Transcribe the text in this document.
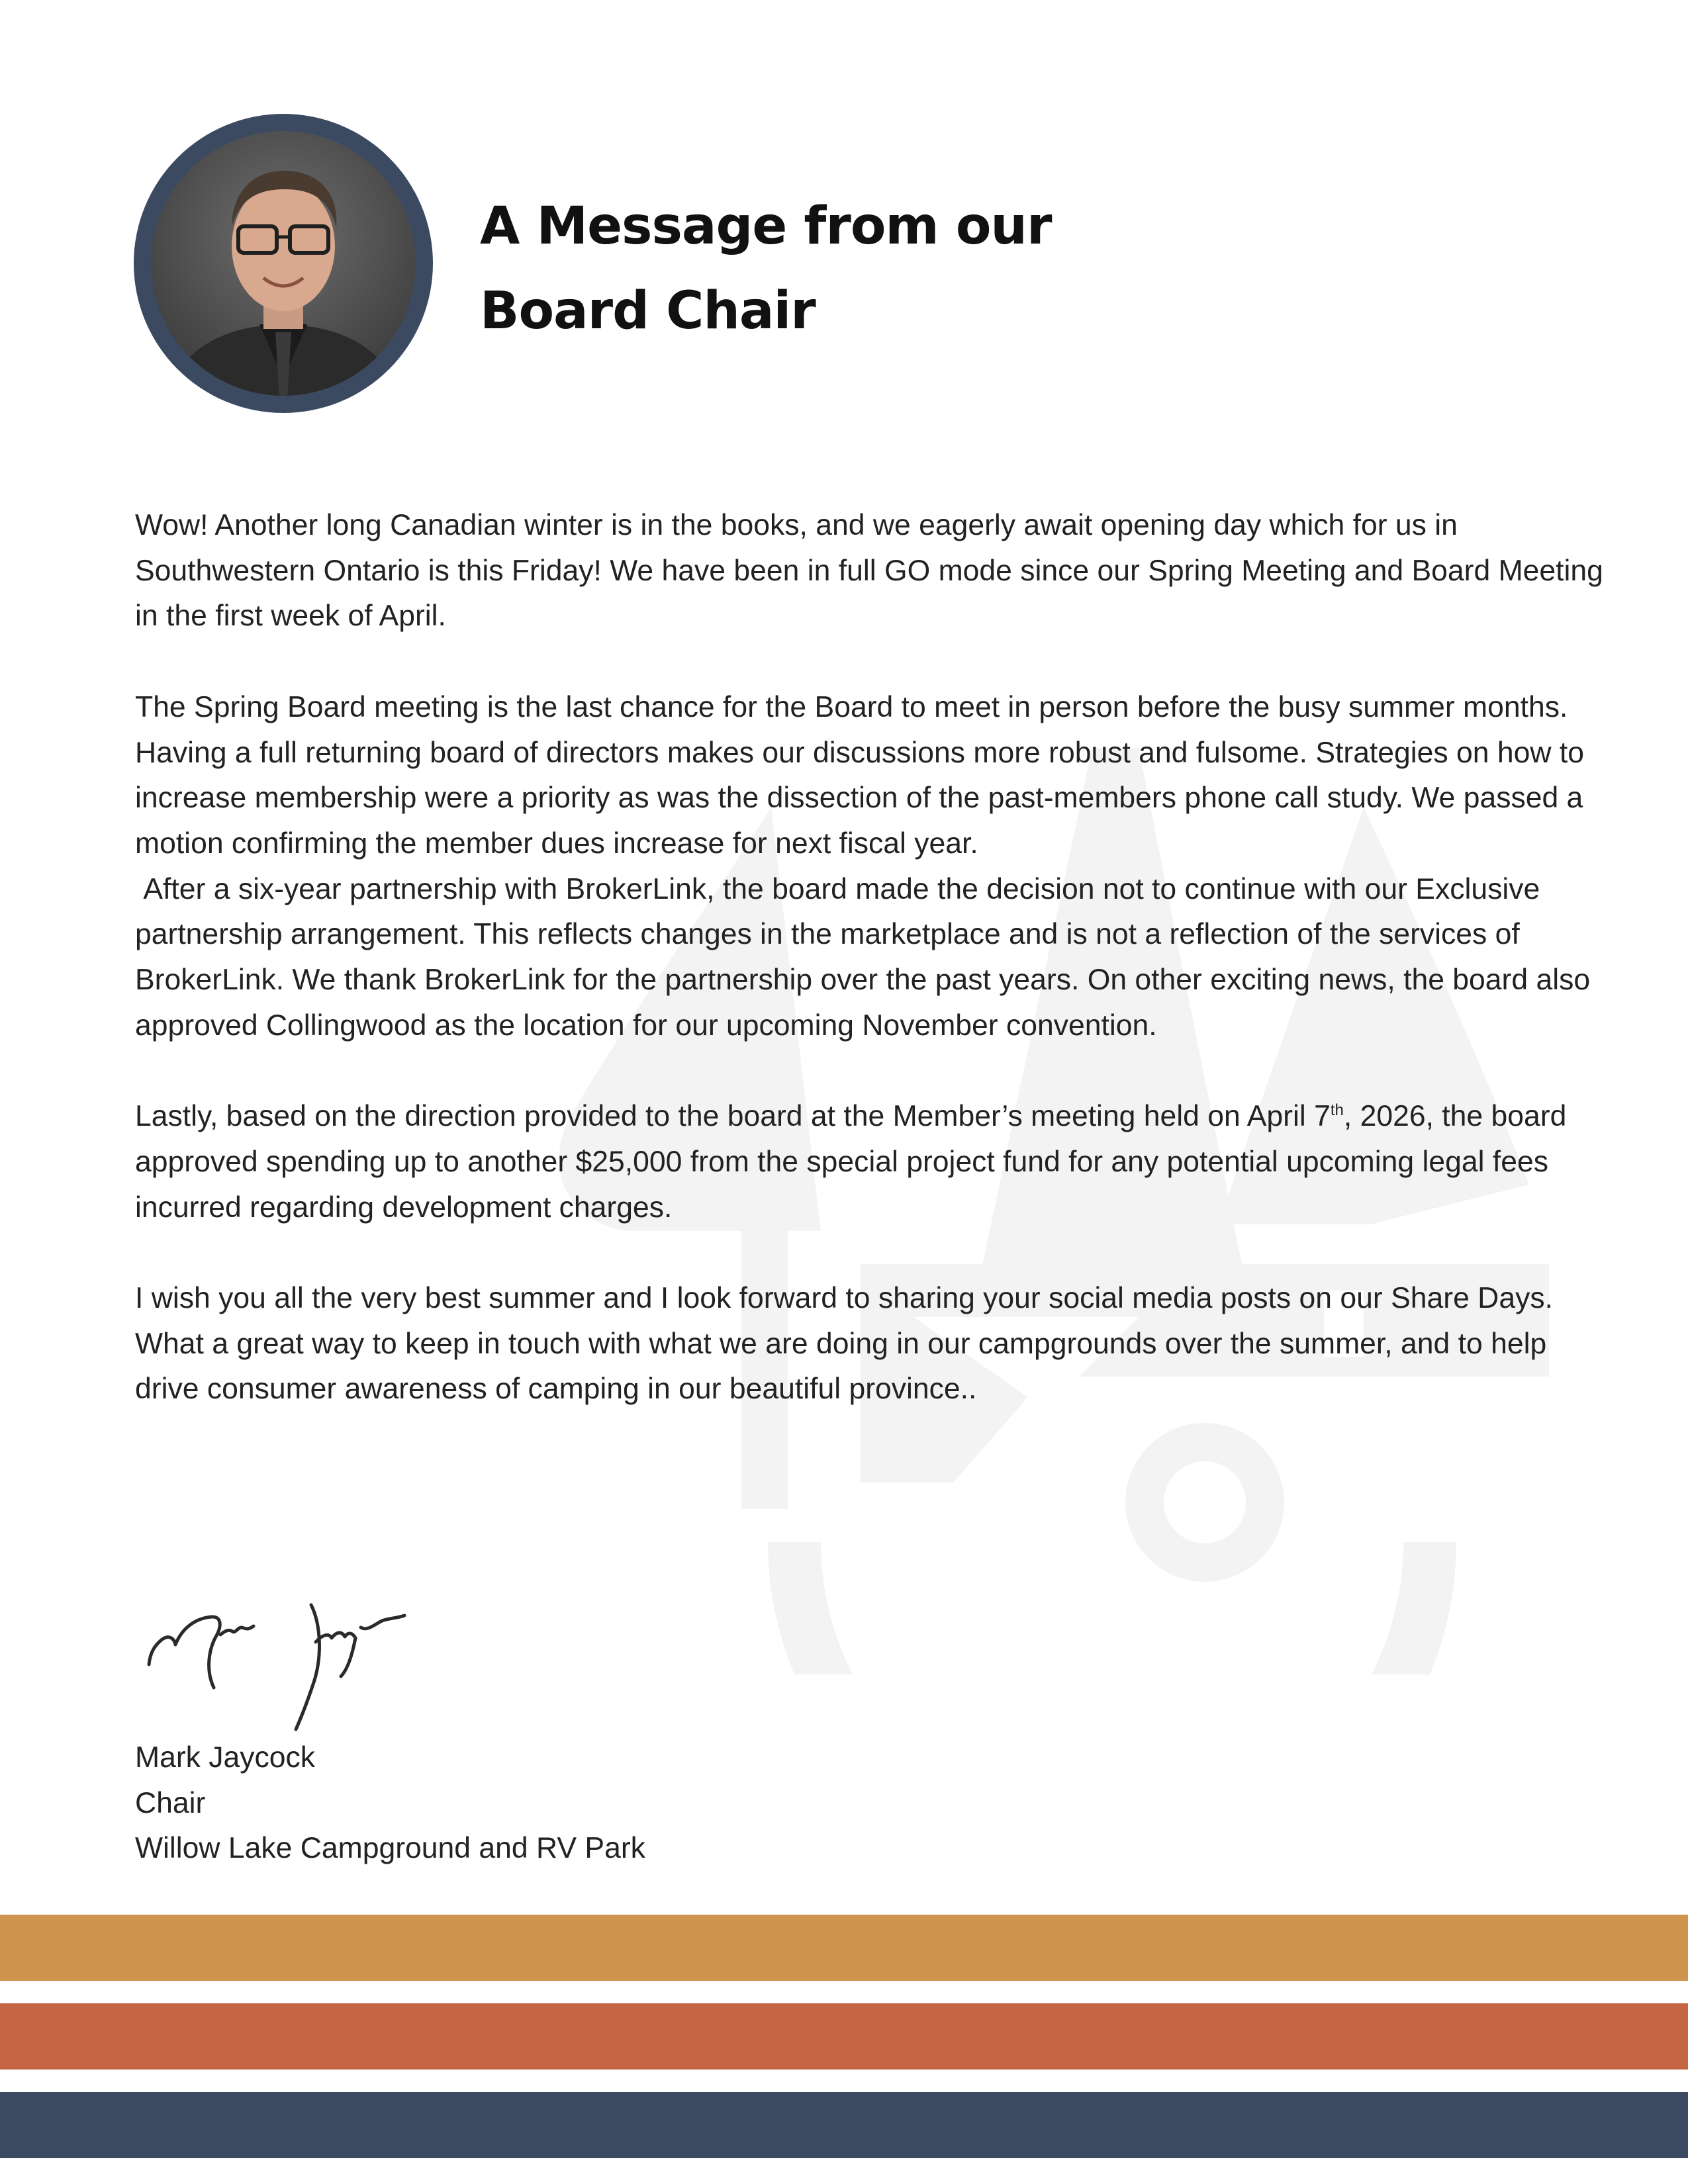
A Message from our
Board Chair

Wow! Another long Canadian winter is in the books, and we eagerly await opening day which for us in Southwestern Ontario is this Friday! We have been in full GO mode since our Spring Meeting and Board Meeting in the first week of April.

The Spring Board meeting is the last chance for the Board to meet in person before the busy summer months. Having a full returning board of directors makes our discussions more robust and fulsome. Strategies on how to increase membership were a priority as was the dissection of the past-members phone call study. We passed a motion confirming the member dues increase for next fiscal year.
After a six-year partnership with BrokerLink, the board made the decision not to continue with our Exclusive partnership arrangement. This reflects changes in the marketplace and is not a reflection of the services of BrokerLink. We thank BrokerLink for the partnership over the past years. On other exciting news, the board also approved Collingwood as the location for our upcoming November convention.

Lastly, based on the direction provided to the board at the Member’s meeting held on April 7th, 2026, the board approved spending up to another $25,000 from the special project fund for any potential upcoming legal fees incurred regarding development charges.

I wish you all the very best summer and I look forward to sharing your social media posts on our Share Days. What a great way to keep in touch with what we are doing in our campgrounds over the summer, and to help drive consumer awareness of camping in our beautiful province..

Mark Jaycock
Chair
Willow Lake Campground and RV Park
